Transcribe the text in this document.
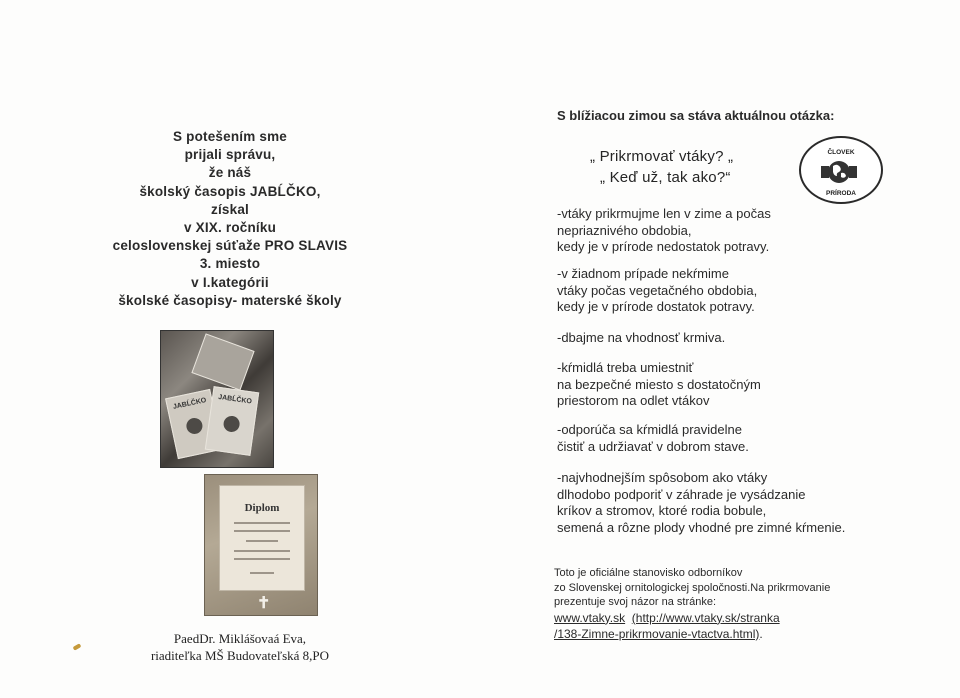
S potešením sme
prijali správu,
že náš
školský časopis JABĹČKO,
získal
v XIX. ročníku
celoslovenskej súťaže PRO SLAVIS
3. miesto
v I.kategórii
školské časopisy- materské školy
JABĹČKO	JABĹČKO
Diplom
✝
PaedDr. Miklášovaá Eva,
riaditeľka MŠ Budovateľská 8,PO
S blížiacou zimou sa stáva aktuálnou otázka:
„ Prikrmovať vtáky? „
„ Keď už, tak ako?“
ČLOVEK
PRÍRODA
-vtáky prikrmujme len v zime a počas
nepriaznivého obdobia,
kedy je v prírode nedostatok potravy.
-v žiadnom prípade nekŕmime
vtáky počas vegetačného obdobia,
kedy je v prírode dostatok potravy.
-dbajme na vhodnosť krmiva.
-kŕmidlá treba umiestniť
na bezpečné miesto s dostatočným
priestorom na odlet vtákov
-odporúča sa kŕmidlá pravidelne
čistiť a udržiavať v dobrom stave.
-najvhodnejším spôsobom ako vtáky
dlhodobo podporiť v záhrade je vysádzanie
kríkov a stromov, ktoré rodia bobule,
semená a rôzne plody vhodné pre zimné kŕmenie.
Toto je oficiálne stanovisko odborníkov
zo Slovenskej ornitologickej spoločnosti.Na prikrmovanie
prezentuje svoj názor na stránke:
www.vtaky.sk (http://www.vtaky.sk/stranka
/138-Zimne-prikrmovanie-vtactva.html).
